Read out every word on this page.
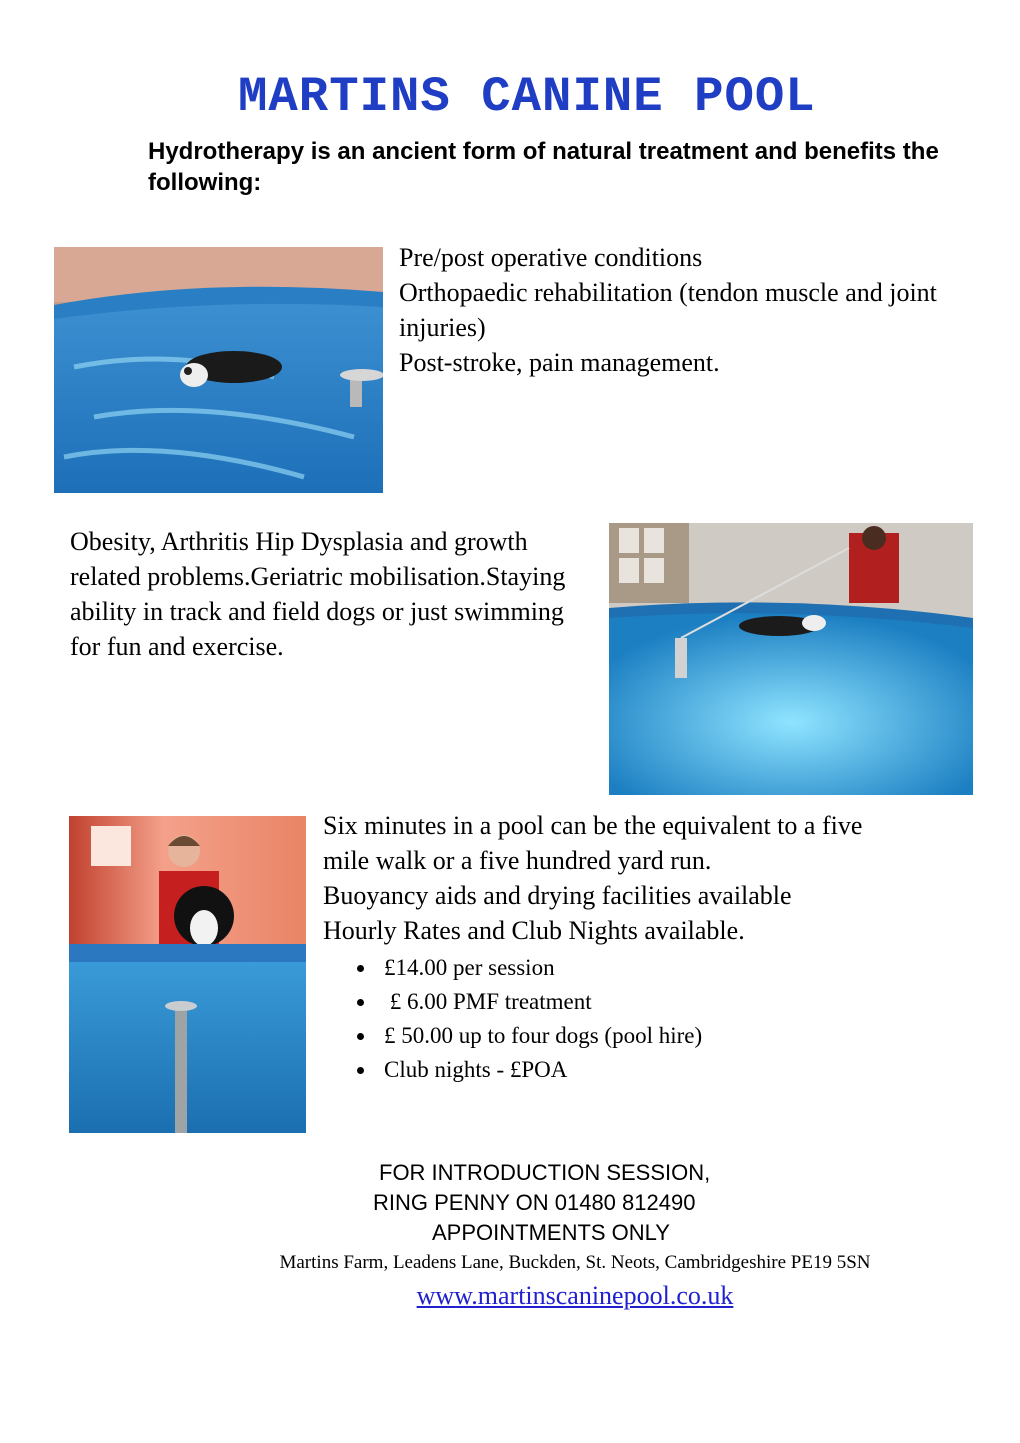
MARTINS CANINE POOL

Hydrotherapy is an ancient form of natural treatment and benefits the following:

Pre/post operative conditions
Orthopaedic rehabilitation (tendon muscle and joint injuries)
Post-stroke, pain management.

Obesity, Arthritis Hip Dysplasia and growth related problems.Geriatric mobilisation.Staying ability in track and field dogs or just swimming for fun and exercise.

Six minutes in a pool can be the equivalent to a five
mile walk or a five hundred yard run.
Buoyancy aids and drying facilities available
Hourly Rates and Club Nights available.
£14.00 per session
£ 6.00 PMF treatment
£ 50.00 up to four dogs (pool hire)
Club nights - £POA
FOR INTRODUCTION SESSION,
RING PENNY ON 01480 812490
APPOINTMENTS ONLY
Martins Farm, Leadens Lane, Buckden, St. Neots, Cambridgeshire PE19 5SN
www.martinscaninepool.co.uk
